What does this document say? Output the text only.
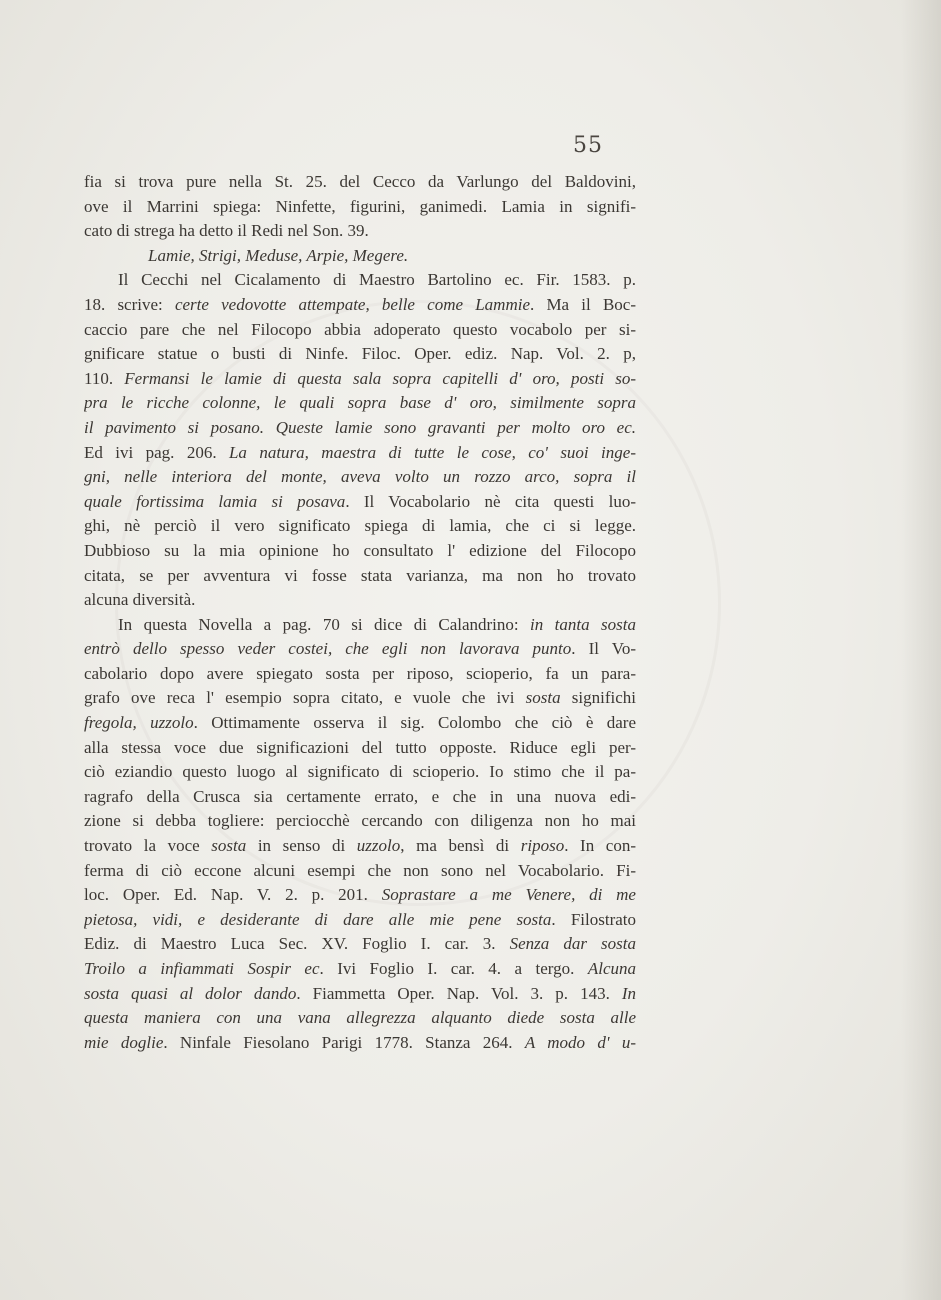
55
fia si trova pure nella St. 25. del Cecco da Varlungo del Baldovini,
ove il Marrini spiega: Ninfette, figurini, ganimedi. Lamia in signifi-
cato di strega ha detto il Redi nel Son. 39.
Lamie, Strigi, Meduse, Arpie, Megere.
Il Cecchi nel Cicalamento di Maestro Bartolino ec. Fir. 1583. p.
18. scrive: certe vedovotte attempate, belle come Lammie. Ma il Boc-
caccio pare che nel Filocopo abbia adoperato questo vocabolo per si-
gnificare statue o busti di Ninfe. Filoc. Oper. ediz. Nap. Vol. 2. p,
110. Fermansi le lamie di questa sala sopra capitelli d' oro, posti so-
pra le ricche colonne, le quali sopra base d' oro, similmente sopra
il pavimento si posano. Queste lamie sono gravanti per molto oro ec.
Ed ivi pag. 206. La natura, maestra di tutte le cose, co' suoi inge-
gni, nelle interiora del monte, aveva volto un rozzo arco, sopra il
quale fortissima lamia si posava. Il Vocabolario nè cita questi luo-
ghi, nè perciò il vero significato spiega di lamia, che ci si legge.
Dubbioso su la mia opinione ho consultato l' edizione del Filocopo
citata, se per avventura vi fosse stata varianza, ma non ho trovato
alcuna diversità.
In questa Novella a pag. 70 si dice di Calandrino: in tanta sosta
entrò dello spesso veder costei, che egli non lavorava punto. Il Vo-
cabolario dopo avere spiegato sosta per riposo, scioperio, fa un para-
grafo ove reca l' esempio sopra citato, e vuole che ivi sosta significhi
fregola, uzzolo. Ottimamente osserva il sig. Colombo che ciò è dare
alla stessa voce due significazioni del tutto opposte. Riduce egli per-
ciò eziandio questo luogo al significato di scioperio. Io stimo che il pa-
ragrafo della Crusca sia certamente errato, e che in una nuova edi-
zione si debba togliere: perciocchè cercando con diligenza non ho mai
trovato la voce sosta in senso di uzzolo, ma bensì di riposo. In con-
ferma di ciò eccone alcuni esempi che non sono nel Vocabolario. Fi-
loc. Oper. Ed. Nap. V. 2. p. 201. Soprastare a me Venere, di me
pietosa, vidi, e desiderante di dare alle mie pene sosta. Filostrato
Ediz. di Maestro Luca Sec. XV. Foglio I. car. 3. Senza dar sosta
Troilo a infiammati Sospir ec. Ivi Foglio I. car. 4. a tergo. Alcuna
sosta quasi al dolor dando. Fiammetta Oper. Nap. Vol. 3. p. 143. In
questa maniera con una vana allegrezza alquanto diede sosta alle
mie doglie. Ninfale Fiesolano Parigi 1778. Stanza 264. A modo d' u-
